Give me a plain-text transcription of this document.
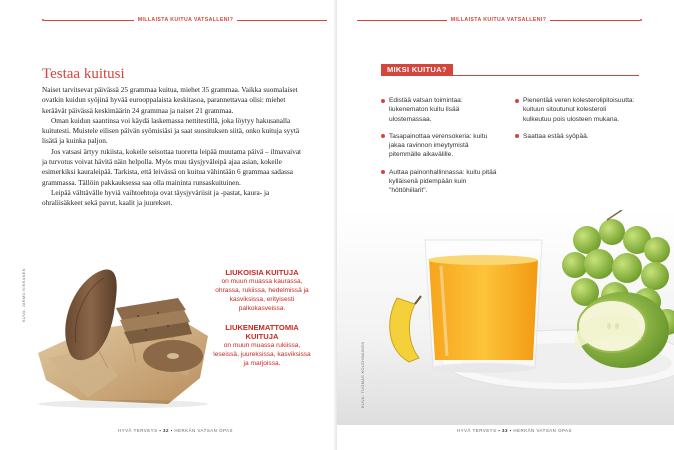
MILLAISTA KUITUA VATSALLENI?
Testaa kuitusi

Naiset tarvitsevat päivässä 25 grammaa kuitua, miehet 35 grammaa. Vaikka suomalaiset ovatkin kuidun syöjinä hyvää eurooppalaista keskitasoa, parannettavaa olisi: miehet keräävät päivässä keskimäärin 24 grammaa ja naiset 21 grammaa.

Oman kuidun saantinsa voi käydä laskemassa nettitestillä, joka löytyy hakusanalla kuitutesti. Muistele eilisen päivän syömisiäsi ja saat suosituksen siitä, onko kuituja syytä lisätä ja kuinka paljon.

Jos vatsasi ärtyy rukiista, kokeile seisottaa tuoretta leipää muutama päivä – ilmavaivat ja turvotus voivat hävitä näin helpolla. Myös muu täysjyväleipä ajaa asian, kokeile esimerkiksi kauraleipää. Tarkista, että leivässä on kuitua vähintään 6 grammaa sadassa grammassa. Tällöin pakkauksessa saa olla maininta runsaskuituinen.

Leipää välttävälle hyviä vaihtoehtoja ovat täysjyväriisit ja -pastat, kaura- ja ohraliisäkkeet sekä pavut, kaalit ja juurekset.

KUVA: JARMO NIKKANEN	LIUKOISIA KUITUJA
on muun muassa kaurassa, ohrassa, rukiissa, hedelmissä ja kasviksissa, erityisesti palkokasveissa.
LIUKENEMATTOMIA KUITUJA
on muun muassa rukiissa, leseissä, juureksissa, kasviksissa ja marjoissa.
HYVÄ TERVEYS ▪ 32 ▪ HERKÄN VATSAN OPAS
MILLAISTA KUITUA VATSALLENI?
MIKSI KUITUA?
Edistää vatsan toimintaa: liukenematon kuitu lisää ulostemassaa.
Tasapainottaa verensokeria: kuitu jakaa ravinnon imeytymistä pitemmälle aikavälille.
Auttaa painonhallinnassa: kuitu pitää kylläisenä pidempään kuin "höttöhiilarit".
Pienentää veren kolesterolipitoisuutta: kuituun sitoutunut kolesteroli kulkeutuu pois ulosteen mukana.
Saattaa estää syöpää.
KUVA: TUOMAS KOLEHMAINEN
HYVÄ TERVEYS ▪ 33 ▪ HERKÄN VATSAN OPAS
